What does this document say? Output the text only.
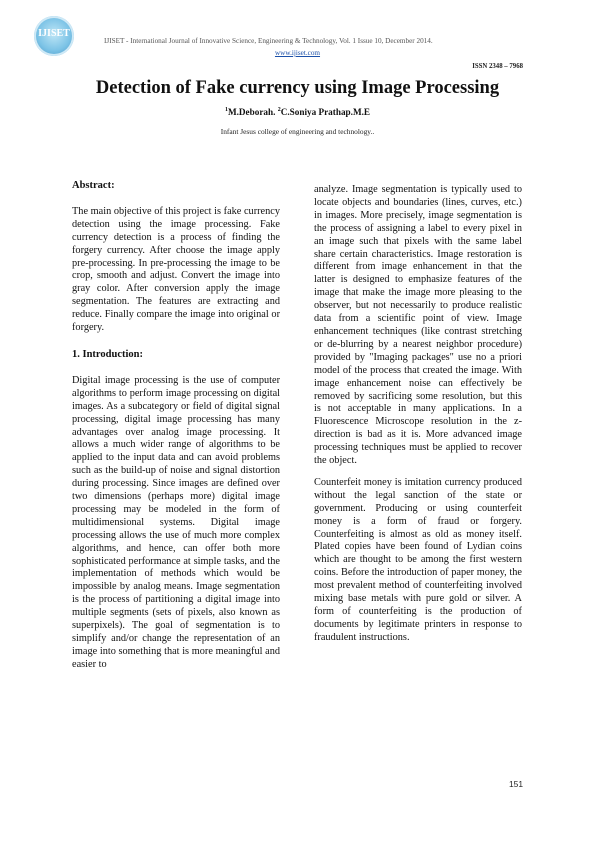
IJISET
IJISET - International Journal of Innovative Science, Engineering & Technology, Vol. 1 Issue 10, December 2014.
www.ijiset.com
ISSN 2348 – 7968
Detection of Fake currency using Image Processing
$^1$M.Deborah. $^2$C.Soniya Prathap.M.E
Infant Jesus college of engineering and technology..
Abstract:

The main objective of this project is fake currency detection using the image processing. Fake currency detection is a process of finding the forgery currency. After choose the image apply pre-processing. In pre-processing the image to be crop, smooth and adjust. Convert the image into gray color. After conversion apply the image segmentation. The features are extracting and reduce. Finally compare the image into original or forgery.

1. Introduction:

Digital image processing is the use of computer algorithms to perform image processing on digital images. As a subcategory or field of digital signal processing, digital image processing has many advantages over analog image processing. It allows a much wider range of algorithms to be applied to the input data and can avoid problems such as the build-up of noise and signal distortion during processing. Since images are defined over two dimensions (perhaps more) digital image processing may be modeled in the form of multidimensional systems. Digital image processing allows the use of much more complex algorithms, and hence, can offer both more sophisticated performance at simple tasks, and the implementation of methods which would be impossible by analog means. Image segmentation is the process of partitioning a digital image into multiple segments (sets of pixels, also known as superpixels). The goal of segmentation is to simplify and/or change the representation of an image into something that is more meaningful and easier to

analyze. Image segmentation is typically used to locate objects and boundaries (lines, curves, etc.) in images. More precisely, image segmentation is the process of assigning a label to every pixel in an image such that pixels with the same label share certain characteristics. Image restoration is different from image enhancement in that the latter is designed to emphasize features of the image that make the image more pleasing to the observer, but not necessarily to produce realistic data from a scientific point of view. Image enhancement techniques (like contrast stretching or de-blurring by a nearest neighbor procedure) provided by "Imaging packages" use no a priori model of the process that created the image. With image enhancement noise can effectively be removed by sacrificing some resolution, but this is not acceptable in many applications. In a Fluorescence Microscope resolution in the z-direction is bad as it is. More advanced image processing techniques must be applied to recover the object.

Counterfeit money is imitation currency produced without the legal sanction of the state or government. Producing or using counterfeit money is a form of fraud or forgery. Counterfeiting is almost as old as money itself. Plated copies have been found of Lydian coins which are thought to be among the first western coins. Before the introduction of paper money, the most prevalent method of counterfeiting involved mixing base metals with pure gold or silver. A form of counterfeiting is the production of documents by legitimate printers in response to fraudulent instructions.

151
